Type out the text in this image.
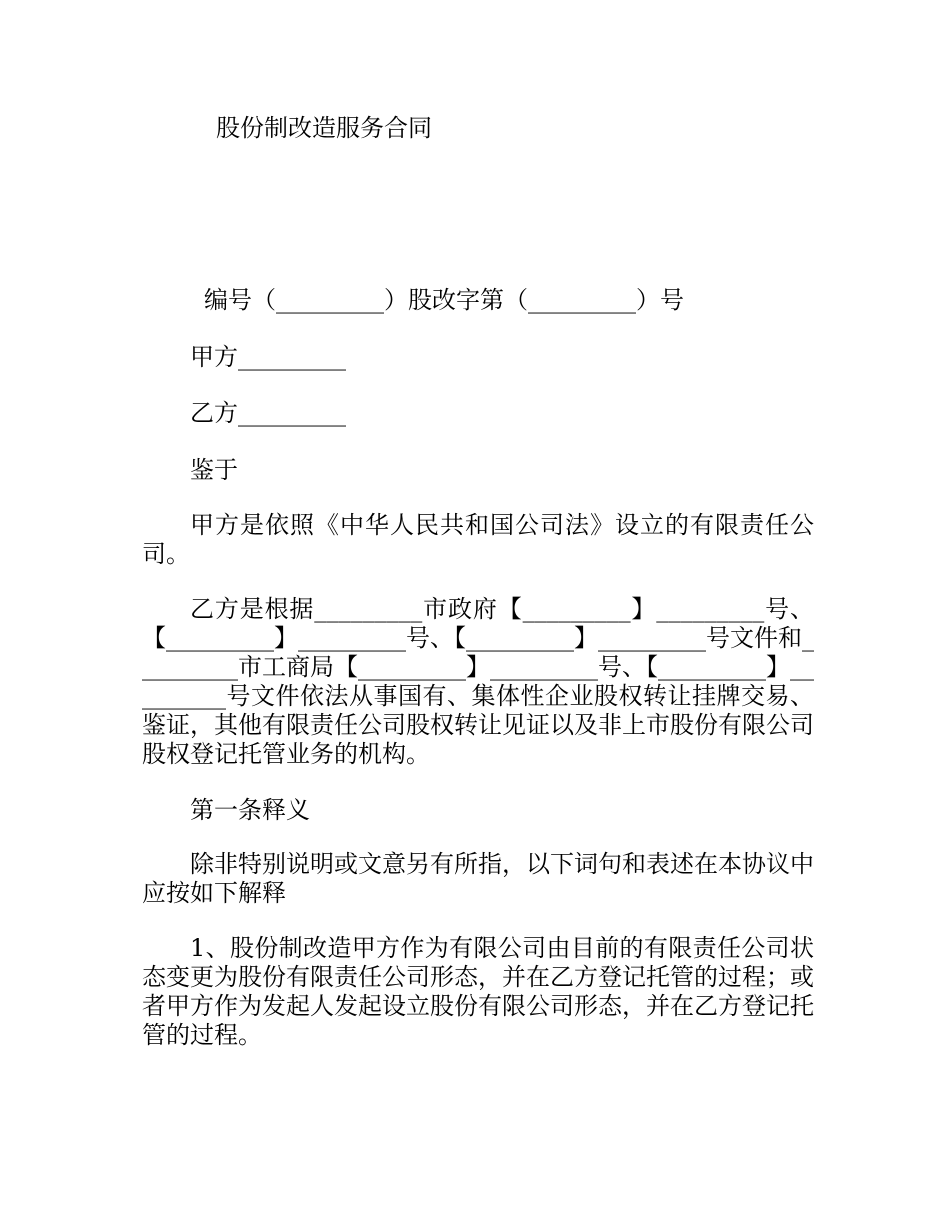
股份制改造服务合同
编号（_________）股改字第（_________）号
甲方_________
乙方_________
鉴于
甲方是依照《中华人民共和国公司法》设立的有限责任公司。
乙方是根据_________市政府【_________】_________号、【_________】_________号、【_________】_________号文件和_________市工商局【_________】_________号、【_________】_________号文件依法从事国有、集体性企业股权转让挂牌交易、鉴证，其他有限责任公司股权转让见证以及非上市股份有限公司股权登记托管业务的机构。
第一条释义
除非特别说明或文意另有所指，以下词句和表述在本协议中应按如下解释
1、股份制改造甲方作为有限公司由目前的有限责任公司状态变更为股份有限责任公司形态，并在乙方登记托管的过程；或者甲方作为发起人发起设立股份有限公司形态，并在乙方登记托管的过程。
